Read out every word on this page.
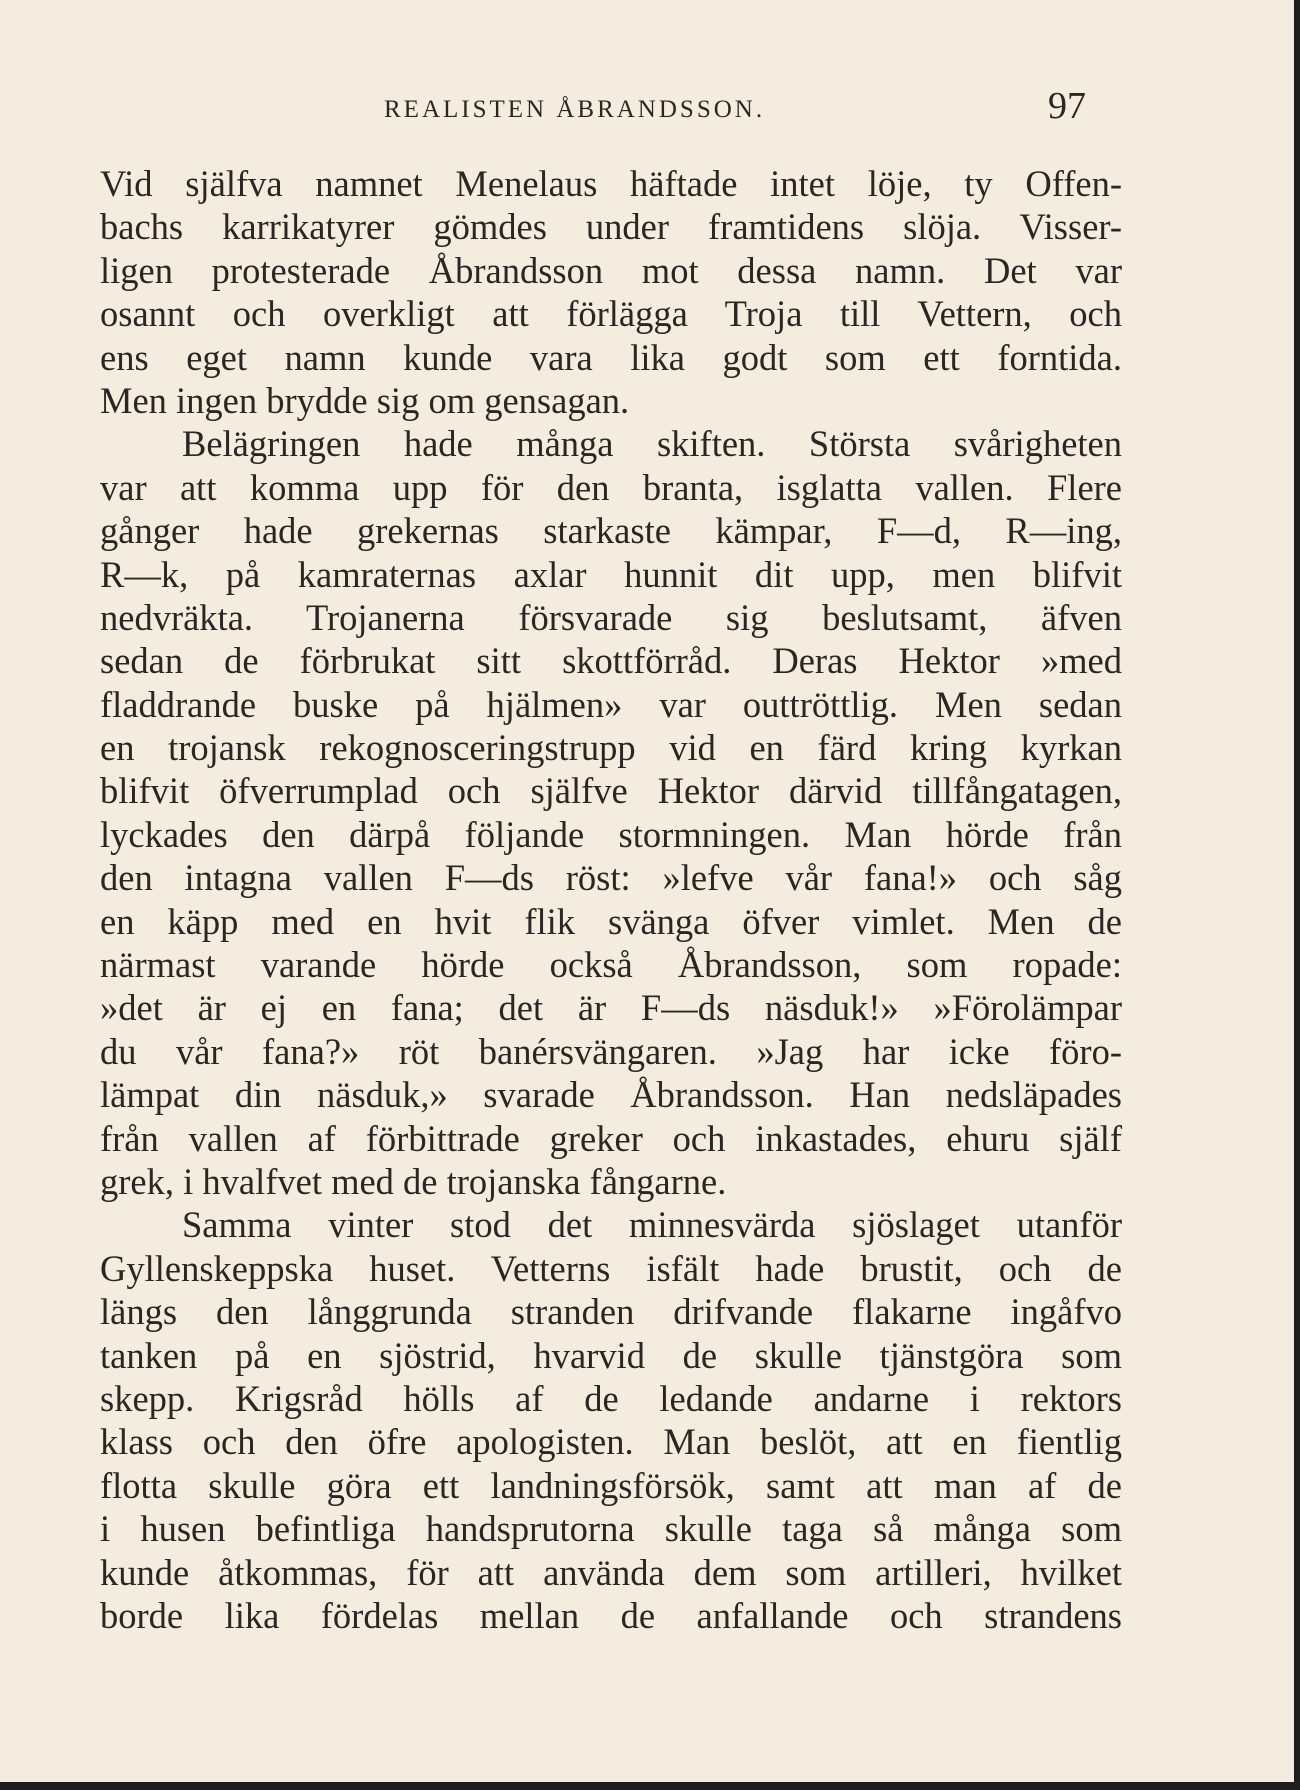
REALISTEN ÅBRANDSSON.	97
Vid själfva namnet Menelaus häftade intet löje, ty Offen-
bachs karrikatyrer gömdes under framtidens slöja. Visser-
ligen protesterade Åbrandsson mot dessa namn. Det var
osannt och overkligt att förlägga Troja till Vettern, och
ens eget namn kunde vara lika godt som ett forntida.
Men ingen brydde sig om gensagan.
Belägringen hade många skiften. Största svårigheten
var att komma upp för den branta, isglatta vallen. Flere
gånger hade grekernas starkaste kämpar, F—d, R—ing,
R—k, på kamraternas axlar hunnit dit upp, men blifvit
nedvräkta. Trojanerna försvarade sig beslutsamt, äfven
sedan de förbrukat sitt skottförråd. Deras Hektor »med
fladdrande buske på hjälmen» var outtröttlig. Men sedan
en trojansk rekognosceringstrupp vid en färd kring kyrkan
blifvit öfverrumplad och själfve Hektor därvid tillfångatagen,
lyckades den därpå följande stormningen. Man hörde från
den intagna vallen F—ds röst: »lefve vår fana!» och såg
en käpp med en hvit flik svänga öfver vimlet. Men de
närmast varande hörde också Åbrandsson, som ropade:
»det är ej en fana; det är F—ds näsduk!» »Förolämpar
du vår fana?» röt banérsvängaren. »Jag har icke föro-
lämpat din näsduk,» svarade Åbrandsson. Han nedsläpades
från vallen af förbittrade greker och inkastades, ehuru själf
grek, i hvalfvet med de trojanska fångarne.
Samma vinter stod det minnesvärda sjöslaget utanför
Gyllenskeppska huset. Vetterns isfält hade brustit, och de
längs den långgrunda stranden drifvande flakarne ingåfvo
tanken på en sjöstrid, hvarvid de skulle tjänstgöra som
skepp. Krigsråd hölls af de ledande andarne i rektors
klass och den öfre apologisten. Man beslöt, att en fientlig
flotta skulle göra ett landningsförsök, samt att man af de
i husen befintliga handsprutorna skulle taga så många som
kunde åtkommas, för att använda dem som artilleri, hvilket
borde lika fördelas mellan de anfallande och strandens
